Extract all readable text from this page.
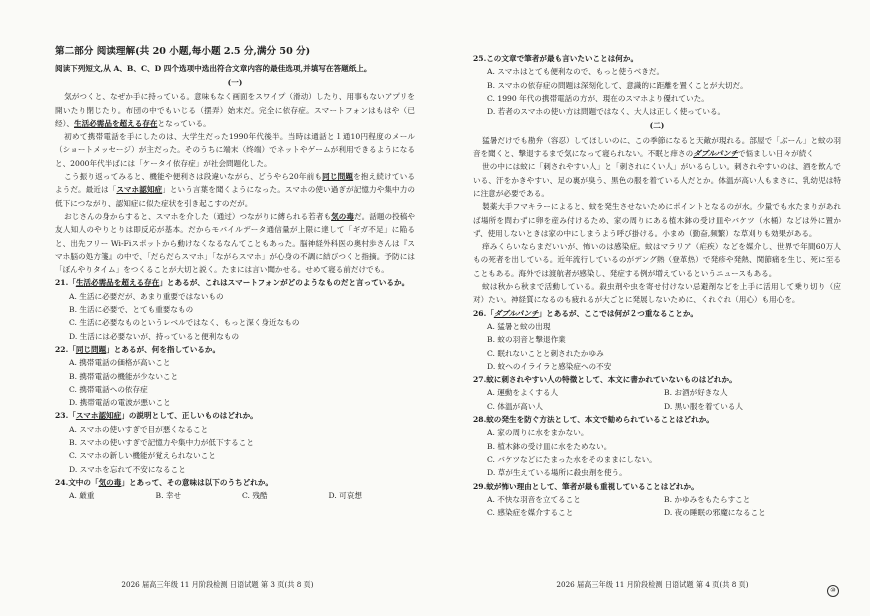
第二部分 阅读理解(共 20 小题,每小题 2.5 分,满分 50 分)
阅读下列短文,从 A、B、C、D 四个选项中选出符合文章内容的最佳选项,并填写在答题纸上。
(一)

気がつくと、なぜか手に持っている。意味もなく画面をスワイプ（滑动）したり、用事もないアプリを開いたり閉じたり。布団の中でもいじる（摆弄）始末だ。完全に依存症。スマートフォンはもはや（已经）、生活必需品を超える存在となっている。

初めて携帯電話を手にしたのは、大学生だった1990年代後半。当時は通話と１通10円程度のメール（ショートメッセージ）が主だった。そのうちに端末（终端）でネットやゲームが利用できるようになると、2000年代半ばには「ケータイ依存症」が社会問題化した。

こう振り返ってみると、機能や便利さは段違いながら、どうやら20年前も同じ問題を抱え続けているようだ。最近は「スマホ認知症」という言葉を聞くようになった。スマホの使い過ぎが記憶力や集中力の低下につながり、認知症に似た症状を引き起こすのだが。

おじさんの身からすると、スマホを介した（通过）つながりに縛られる若者も気の毒だ。話題の投稿や友人知人のやりとりは即反応が基本。だからモバイルデータ通信量が上限に達して「ギガ不足」に陥ると、出先フリー Wi-Fiスポットから動けなくなるなんてこともあった。脳神経外科医の奥村歩さんは『スマホ脳の処方箋』の中で、「だらだらスマホ」「ながらスマホ」が心身の不調に結びつくと指摘。予防には「ぼんやりタイム」をつくることが大切と説く。たまには言い聞かせる。せめて寝る前だけでも。

21.「生活必需品を超える存在」とあるが、これはスマートフォンがどのようなものだと言っているか。

A. 生活に必要だが、あまり重要ではないもの

B. 生活に必要で、とても重要なもの

C. 生活に必要なものというレベルではなく、もっと深く身近なもの

D. 生活には必要ないが、持っていると便利なもの

22.「同じ問題」とあるが、何を指しているか。

A. 携帯電話の価格が高いこと

B. 携帯電話の機能が少ないこと

C. 携帯電話への依存症

D. 携帯電話の電波が悪いこと

23.「スマホ認知症」の説明として、正しいものはどれか。

A. スマホの使いすぎで目が悪くなること

B. スマホの使いすぎで記憶力や集中力が低下すること

C. スマホの新しい機能が覚えられないこと

D. スマホを忘れて不安になること

24.文中の「気の毒」とあって、その意味は以下のうちどれか。

A. 厳重	B. 幸せ	C. 残酷	D. 可哀想
2026 届高三年级 11 月阶段检测 日语试题 第 3 页(共 8 页)

25.この文章で筆者が最も言いたいことは何か。

A. スマホはとても便利なので、もっと使うべきだ。

B. スマホの依存症の問題は深刻化して、意識的に距離を置くことが大切だ。

C. 1990 年代の携帯電話の方が、現在のスマホより優れていた。

D. 若者のスマホの使い方は問題ではなく、大人は正しく使っている。

(二)

猛暑だけでも勘弁（容忍）してほしいのに、この季節になると天敵が現れる。部屋で「ぶーん」と蚊の羽音を聞くと、撃退するまで気になって寝られない。不眠と痒さのダブルパンチで悩ましい日々が続く

世の中には蚊に「刺されやすい人」と「刺されにくい人」がいるらしい。刺されやすいのは、酒を飲んでいる、汗をかきやすい、足の裏が臭う、黒色の服を着ている人だとか。体温が高い人もまさに、乳幼児は特に注意が必要である。

製薬大手フマキラーによると、蚊を発生させないためにポイントとなるのが水。少量でも水たまりがあれば場所を問わずに卵を産み付けるため、家の周りにある植木鉢の受け皿やバケツ（水桶）などは外に置かず、使用しないときは家の中にしまうよう呼び掛ける。小まめ（勤奋,频繁）な草刈りも効果がある。

痒みくらいならまだいいが、怖いのは感染症。蚊はマラリア（疟疾）などを媒介し、世界で年間60万人もの死者を出している。近年流行しているのがデング熱（登革热）で発疹や発熱、関節痛を生じ、死に至ることもある。海外では渡航者が感染し、発症する例が増えているというニュースもある。

蚊は秋から秋まで活動している。殺虫剤や虫を寄せ付けない忌避剤などを上手に活用して乗り切り（应对）たい。神経質になるのも疲れるが大ごとに発展しないために、くれぐれ（用心）も用心を。

26.「ダブルパンチ」とあるが、ここでは何が２つ重なることか。

A. 猛暑と蚊の出現

B. 蚊の羽音と撃退作業

C. 眠れないことと刺されたかゆみ

D. 蚊へのイライラと感染症への不安

27.蚊に刺されやすい人の特徴として、本文に書かれていないものはどれか。

A. 運動をよくする人	B. お酒が好きな人
C. 体温が高い人	D. 黒い服を着ている人

28.蚊の発生を防ぐ方法として、本文で勧められていることはどれか。

A. 家の周りに水をまかない。

B. 植木鉢の受け皿に水をためない。

C. バケツなどにたまった水をそのままにしない。

D. 草が生えている場所に殺虫剤を使う。

29.蚊が怖い理由として、筆者が最も重視していることはどれか。

A. 不快な羽音を立てること	B. かゆみをもたらすこと
C. 感染症を媒介すること	D. 夜の睡眠の邪魔になること
2026 届高三年级 11 月阶段检测 日语试题 第 4 页(共 8 页)
⑩
